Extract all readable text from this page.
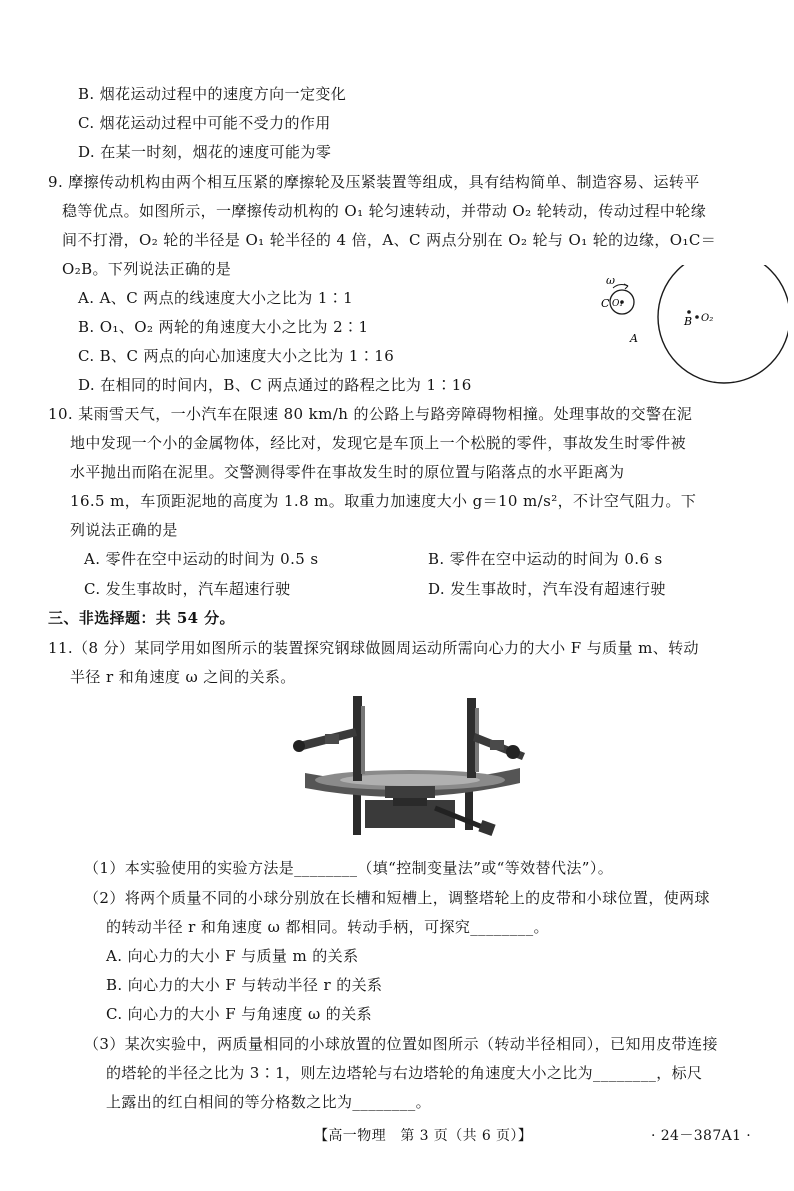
B. 烟花运动过程中的速度方向一定变化
C. 烟花运动过程中可能不受力的作用
D. 在某一时刻，烟花的速度可能为零
9. 摩擦传动机构由两个相互压紧的摩擦轮及压紧装置等组成，具有结构简单、制造容易、运转平
稳等优点。如图所示，一摩擦传动机构的 O₁ 轮匀速转动，并带动 O₂ 轮转动，传动过程中轮缘
间不打滑，O₂ 轮的半径是 O₁ 轮半径的 4 倍，A、C 两点分别在 O₂ 轮与 O₁ 轮的边缘，O₁C＝
O₂B。下列说法正确的是
A. A、C 两点的线速度大小之比为 1∶1
B. O₁、O₂ 两轮的角速度大小之比为 2∶1
C. B、C 两点的向心加速度大小之比为 1∶16
D. 在相同的时间内，B、C 两点通过的路程之比为 1∶16
ω
C O₁
B O₂
A
10. 某雨雪天气，一小汽车在限速 80 km/h 的公路上与路旁障碍物相撞。处理事故的交警在泥
地中发现一个小的金属物体，经比对，发现它是车顶上一个松脱的零件，事故发生时零件被
水平抛出而陷在泥里。交警测得零件在事故发生时的原位置与陷落点的水平距离为
16.5 m，车顶距泥地的高度为 1.8 m。取重力加速度大小 g＝10 m/s²，不计空气阻力。下
列说法正确的是
A. 零件在空中运动的时间为 0.5 s	B. 零件在空中运动的时间为 0.6 s
C. 发生事故时，汽车超速行驶	D. 发生事故时，汽车没有超速行驶
三、非选择题：共 54 分。
11.（8 分）某同学用如图所示的装置探究钢球做圆周运动所需向心力的大小 F 与质量 m、转动
半径 r 和角速度 ω 之间的关系。
（1）本实验使用的实验方法是________（填“控制变量法”或“等效替代法”）。
（2）将两个质量不同的小球分别放在长槽和短槽上，调整塔轮上的皮带和小球位置，使两球
的转动半径 r 和角速度 ω 都相同。转动手柄，可探究________。
A. 向心力的大小 F 与质量 m 的关系
B. 向心力的大小 F 与转动半径 r 的关系
C. 向心力的大小 F 与角速度 ω 的关系
（3）某次实验中，两质量相同的小球放置的位置如图所示（转动半径相同），已知用皮带连接
的塔轮的半径之比为 3∶1，则左边塔轮与右边塔轮的角速度大小之比为________，标尺
上露出的红白相间的等分格数之比为________。
【高一物理　第 3 页（共 6 页）】	· 24－387A1 ·
